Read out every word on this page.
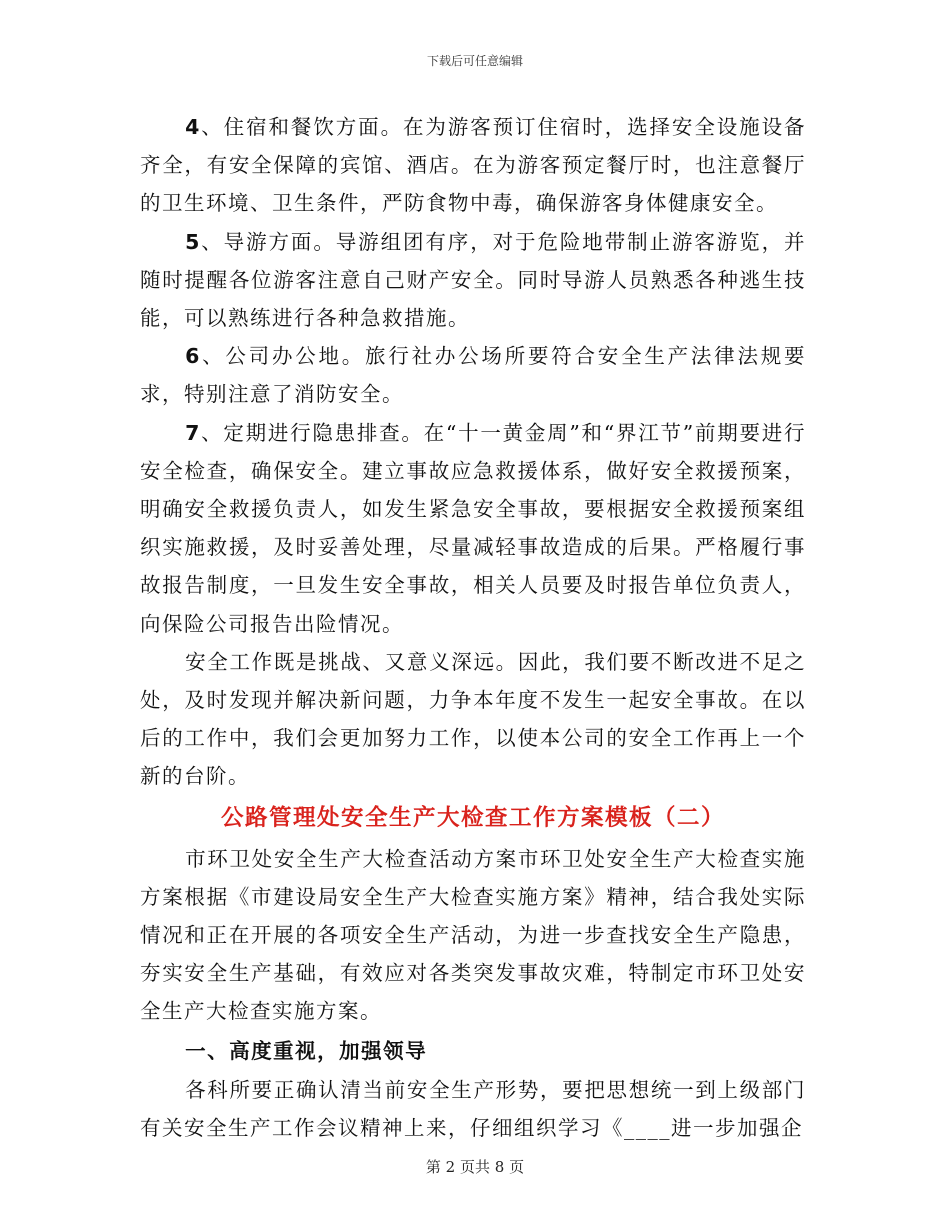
下载后可任意编辑

4、住宿和餐饮方面。在为游客预订住宿时，选择安全设施设备齐全，有安全保障的宾馆、酒店。在为游客预定餐厅时，也注意餐厅的卫生环境、卫生条件，严防食物中毒，确保游客身体健康安全。

5、导游方面。导游组团有序，对于危险地带制止游客游览，并随时提醒各位游客注意自己财产安全。同时导游人员熟悉各种逃生技能，可以熟练进行各种急救措施。

6、公司办公地。旅行社办公场所要符合安全生产法律法规要求，特别注意了消防安全。

7、定期进行隐患排查。在“十一黄金周”和“界江节”前期要进行安全检查，确保安全。建立事故应急救援体系，做好安全救援预案，明确安全救援负责人，如发生紧急安全事故，要根据安全救援预案组织实施救援，及时妥善处理，尽量减轻事故造成的后果。严格履行事故报告制度，一旦发生安全事故，相关人员要及时报告单位负责人，向保险公司报告出险情况。

安全工作既是挑战、又意义深远。因此，我们要不断改进不足之处，及时发现并解决新问题，力争本年度不发生一起安全事故。在以后的工作中，我们会更加努力工作，以使本公司的安全工作再上一个新的台阶。

公路管理处安全生产大检查工作方案模板（二）

市环卫处安全生产大检查活动方案市环卫处安全生产大检查实施方案根据《市建设局安全生产大检查实施方案》精神，结合我处实际情况和正在开展的各项安全生产活动，为进一步查找安全生产隐患，夯实安全生产基础，有效应对各类突发事故灾难，特制定市环卫处安全生产大检查实施方案。

一、高度重视，加强领导

各科所要正确认清当前安全生产形势，要把思想统一到上级部门有关安全生产工作会议精神上来，仔细组织学习《____进一步加强企

第 2 页共 8 页
